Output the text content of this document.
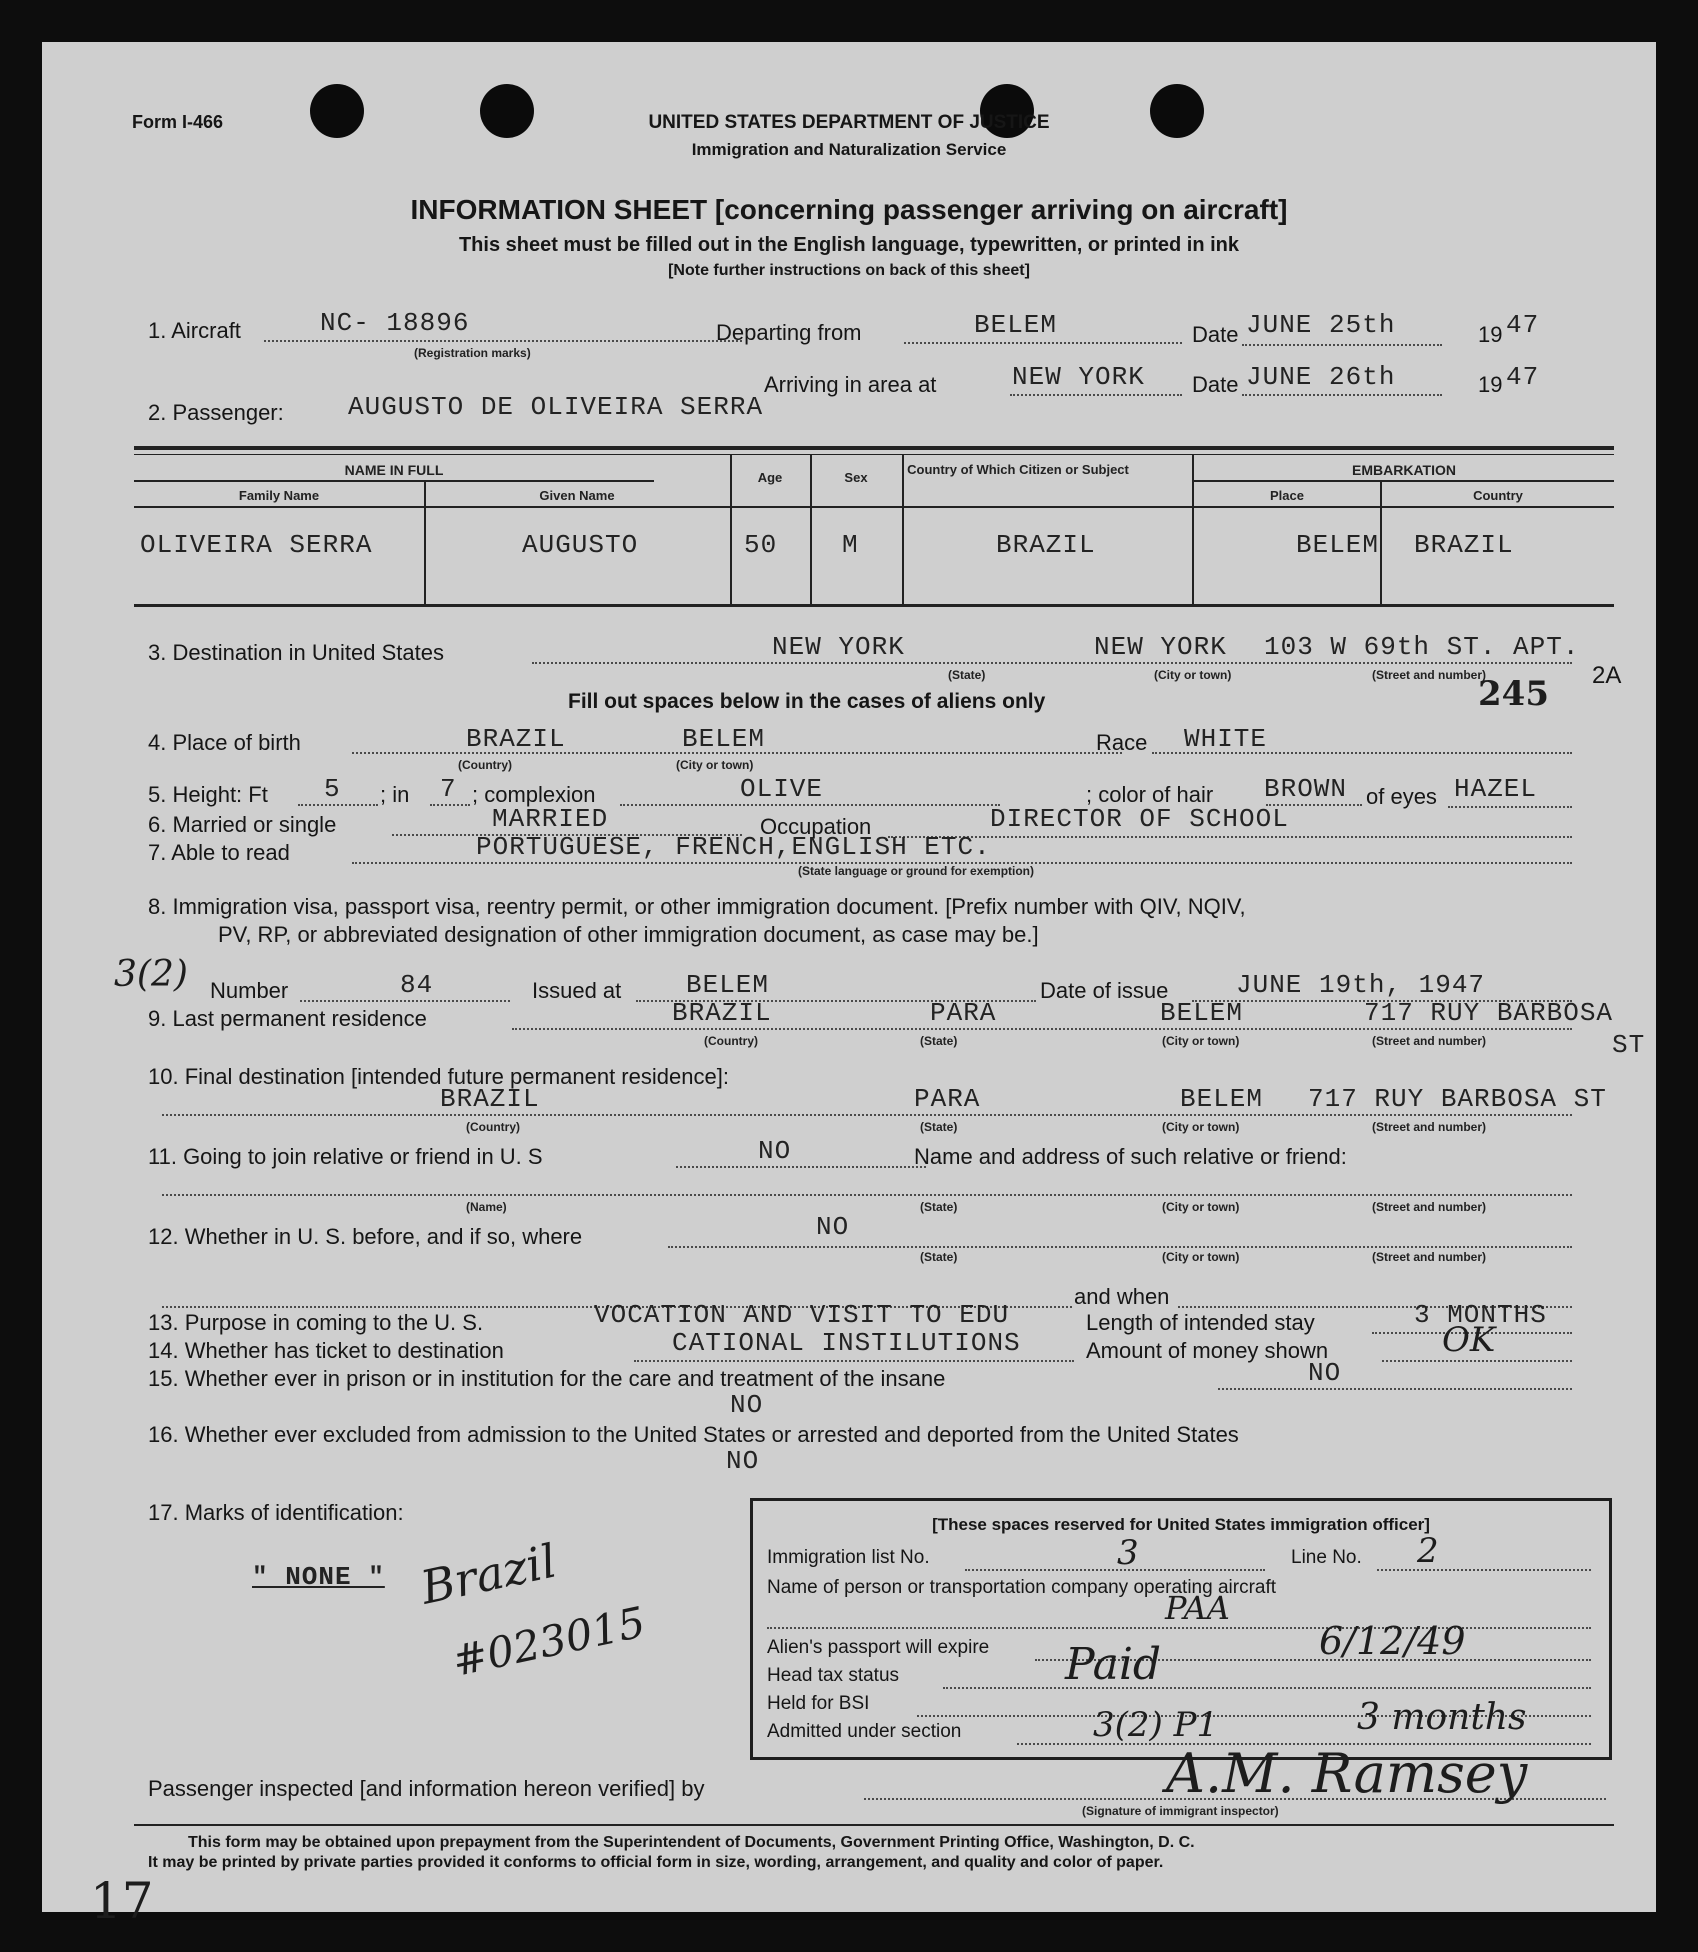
Form I-466	UNITED STATES DEPARTMENT OF JUSTICE
Immigration and Naturalization Service
INFORMATION SHEET [concerning passenger arriving on aircraft]
This sheet must be filled out in the English language, typewritten, or printed in ink
[Note further instructions on back of this sheet]
1. Aircraft	NC- 18896
(Registration marks)
Departing from	BELEM	Date JUNE 25th	19 47
Arriving in area at	NEW YORK Date JUNE 26th	19 47
2. Passenger: AUGUSTO DE OLIVEIRA SERRA
NAME IN FULL
Family Name	Given Name
Age	Sex
Country of Which Citizen or Subject	EMBARKATION
Place	Country
OLIVEIRA SERRA	AUGUSTO	50 M	BRAZIL	BELEM BRAZIL
3. Destination in United States	NEW YORK	NEW YORK 103 W 69th ST. APT.
(State)	(City or town)	(Street and number)	2A
245
Fill out spaces below in the cases of aliens only
4. Place of birth	BRAZIL	BELEM
(Country)	(City or town)
Race WHITE
5. Height: Ft 5 ; in 7 ; complexion	OLIVE	; color of hair BROWN of eyes HAZEL
6. Married or single	MARRIED	Occupation	DIRECTOR OF SCHOOL
7. Able to read	PORTUGUESE, FRENCH,ENGLISH ETC.
(State language or ground for exemption)
8. Immigration visa, passport visa, reentry permit, or other immigration document. [Prefix number with QIV, NQIV,
PV, RP, or abbreviated designation of other immigration document, as case may be.]
3(2) Number	84	Issued at BELEM	Date of issue	JUNE 19th, 1947
9. Last permanent residence	BRAZIL	PARA	BELEM	717 RUY BARBOSA
ST
(Country)	(State)	(City or town)	(Street and number)
10. Final destination [intended future permanent residence]:
BRAZIL	PARA	BELEM 717 RUY BARBOSA ST
(Country)	(State)	(City or town)	(Street and number)
11. Going to join relative or friend in U. S	NO	Name and address of such relative or friend:
(Name)	(State)	(City or town)	(Street and number)
12. Whether in U. S. before, and if so, where	NO
(State)	(City or town)	(Street and number)
and when
13. Purpose in coming to the U. S.	VOCATION AND VISIT TO EDU	Length of intended stay	3 MONTHS
14. Whether has ticket to destination	CATIONAL INSTILUTIONS	Amount of money shown	OK
15. Whether ever in prison or in institution for the care and treatment of the insane	NO
NO
16. Whether ever excluded from admission to the United States or arrested and deported from the United States
NO
17. Marks of identification:
" NONE " Brazil
#023015
[These spaces reserved for United States immigration officer]
Immigration list No.	3	Line No. 2
Name of person or transportation company operating aircraft
PAA
Alien's passport will expire	6/12/49
Head tax status	Paid
Held for BSI
Admitted under section	3(2) P1	3 months
Passenger inspected [and information hereon verified] by	A.M. Ramsey
(Signature of immigrant inspector)
This form may be obtained upon prepayment from the Superintendent of Documents, Government Printing Office, Washington, D. C.
It may be printed by private parties provided it conforms to official form in size, wording, arrangement, and quality and color of paper.
17
